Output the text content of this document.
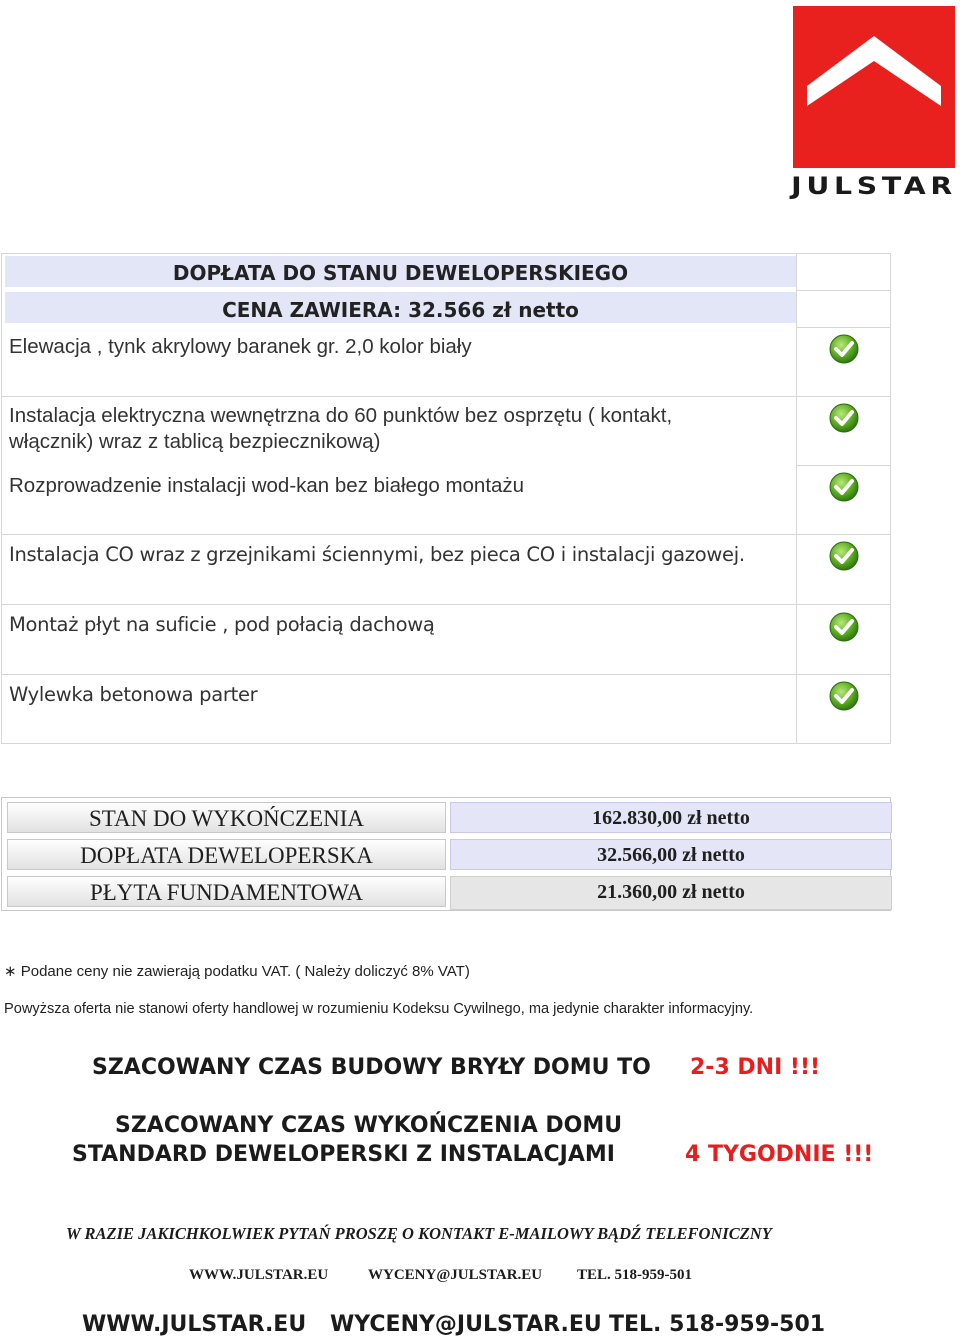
JULSTAR
DOPŁATA DO STANU DEWELOPERSKIEGO
CENA ZAWIERA: 32.566 zł netto
Elewacja , tynk akrylowy baranek gr. 2,0 kolor biały
Instalacja elektryczna wewnętrzna do 60 punktów bez osprzętu ( kontakt,
włącznik) wraz z tablicą bezpiecznikową)
Rozprowadzenie instalacji wod-kan bez białego montażu
Instalacja CO wraz z grzejnikami ściennymi, bez pieca CO i instalacji gazowej.
Montaż płyt na suficie , pod połacią dachową
Wylewka betonowa parter
STAN DO WYKOŃCZENIA
DOPŁATA DEWELOPERSKA
PŁYTA FUNDAMENTOWA
162.830,00 zł netto
32.566,00 zł netto
21.360,00 zł netto
∗ Podane ceny nie zawierają podatku VAT. ( Należy doliczyć 8% VAT)
Powyższa oferta nie stanowi oferty handlowej w rozumieniu Kodeksu Cywilnego, ma jedynie charakter informacyjny.
SZACOWANY CZAS BUDOWY BRYŁY DOMU TO 2-3 DNI !!!
SZACOWANY CZAS WYKOŃCZENIA DOMU
STANDARD DEWELOPERSKI Z INSTALACJAMI	4 TYGODNIE !!!
W RAZIE JAKICHKOLWIEK PYTAŃ PROSZĘ O KONTAKT E-MAILOWY BĄDŹ TELEFONICZNY
WWW.JULSTAR.EU	WYCENY@JULSTAR.EU TEL. 518-959-501
WWW.JULSTAR.EU WYCENY@JULSTAR.EU TEL. 518-959-501
